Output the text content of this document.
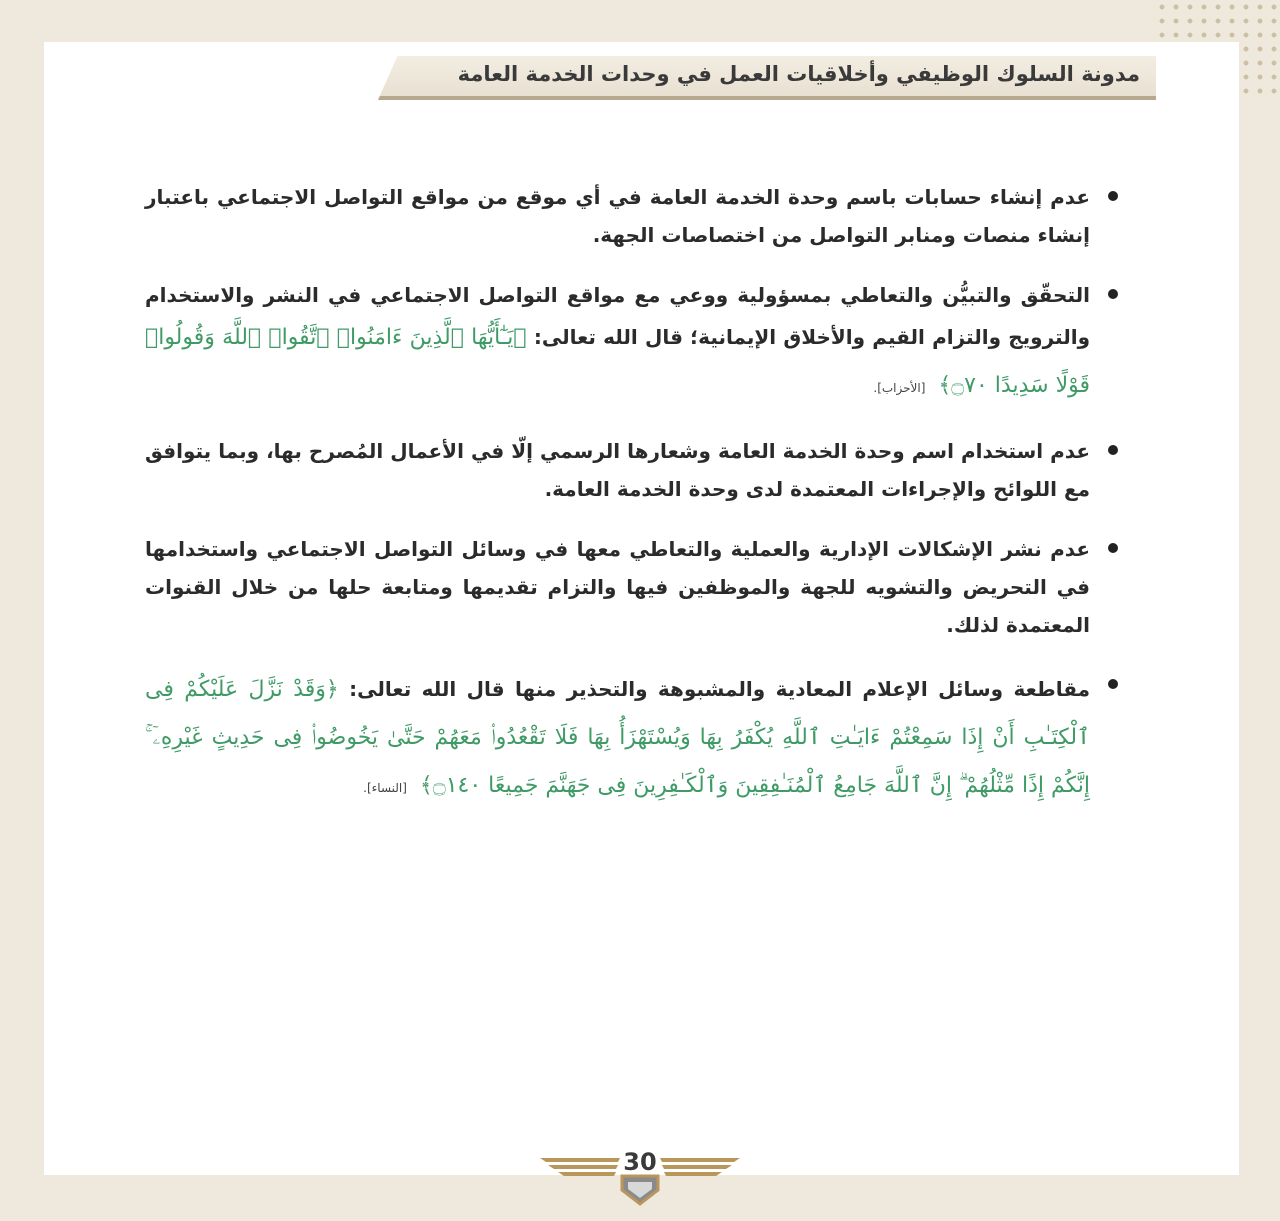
مدونة السلوك الوظيفي وأخلاقيات العمل في وحدات الخدمة العامة

عدم إنشاء حسابات باسم وحدة الخدمة العامة في أي موقع من مواقع التواصل الاجتماعي باعتبار إنشاء منصات ومنابر التواصل من اختصاصات الجهة.

التحقّق والتبيُّن والتعاطي بمسؤولية ووعي مع مواقع التواصل الاجتماعي في النشر والاستخدام والترويج والتزام القيم والأخلاق الإيمانية؛ قال الله تعالى: ﴿يَـٰٓأَيُّهَا ٱلَّذِينَ ءَامَنُوا۟ ٱتَّقُوا۟ ٱللَّهَ وَقُولُوا۟ قَوْلًا سَدِيدًا ۝٧٠﴾ [الأحزاب].

عدم استخدام اسم وحدة الخدمة العامة وشعارها الرسمي إلّا في الأعمال المُصرح بها، وبما يتوافق مع اللوائح والإجراءات المعتمدة لدى وحدة الخدمة العامة.

عدم نشر الإشكالات الإدارية والعملية والتعاطي معها في وسائل التواصل الاجتماعي واستخدامها في التحريض والتشويه للجهة والموظفين فيها والتزام تقديمها ومتابعة حلها من خلال القنوات المعتمدة لذلك.

مقاطعة وسائل الإعلام المعادية والمشبوهة والتحذير منها قال الله تعالى: ﴿وَقَدْ نَزَّلَ عَلَيْكُمْ فِى ٱلْكِتَـٰبِ أَنْ إِذَا سَمِعْتُمْ ءَايَـٰتِ ٱللَّهِ يُكْفَرُ بِهَا وَيُسْتَهْزَأُ بِهَا فَلَا تَقْعُدُوا۟ مَعَهُمْ حَتَّىٰ يَخُوضُوا۟ فِى حَدِيثٍ غَيْرِهِۦٓ ۚ إِنَّكُمْ إِذًا مِّثْلُهُمْ ۗ إِنَّ ٱللَّهَ جَامِعُ ٱلْمُنَـٰفِقِينَ وَٱلْكَـٰفِرِينَ فِى جَهَنَّمَ جَمِيعًا ۝١٤٠﴾ [النساء].

30
